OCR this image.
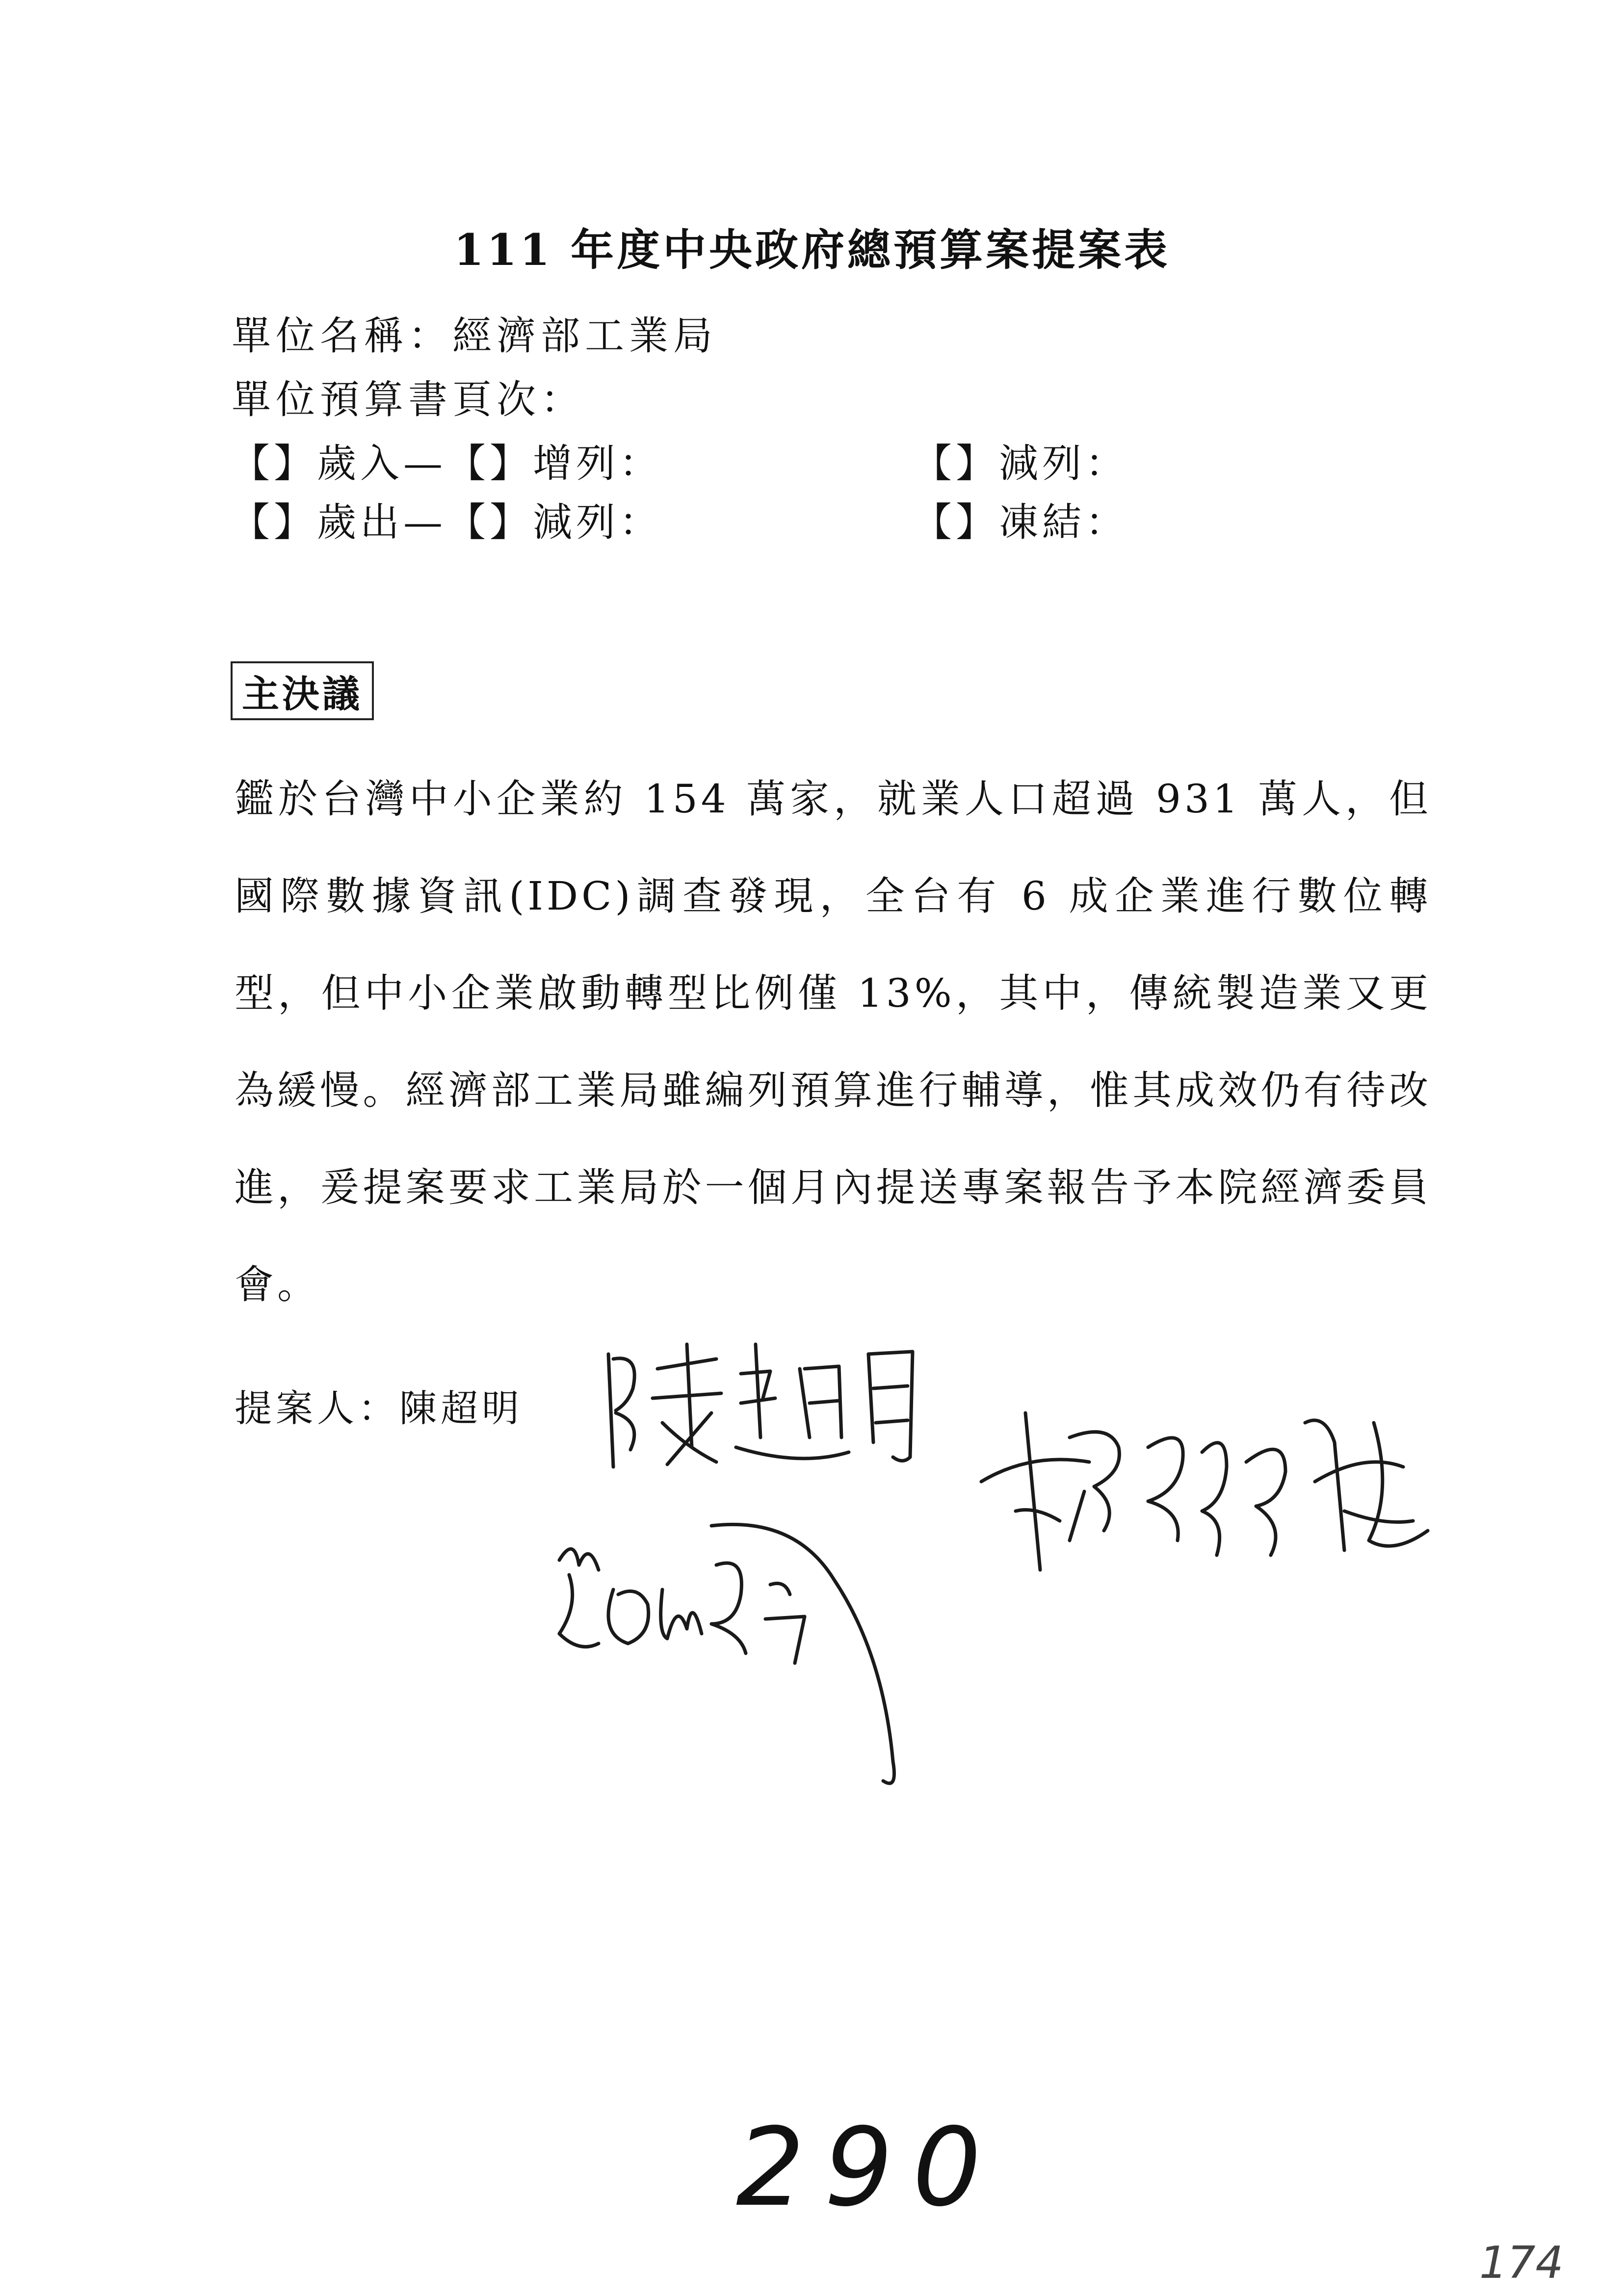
111 年度中央政府總預算案提案表
單位名稱：經濟部工業局
單位預算書頁次：
【】歲入—【】增列：	【】減列：
【】歲出—【】減列：	【】凍結：
主決議
鑑於台灣中小企業約 154 萬家，就業人口超過 931 萬人，但國際數據資訊(IDC)調查發現，全台有 6 成企業進行數位轉型，但中小企業啟動轉型比例僅 13%，其中，傳統製造業又更為緩慢。經濟部工業局雖編列預算進行輔導，惟其成效仍有待改進，爰提案要求工業局於一個月內提送專案報告予本院經濟委員會。
提案人：陳超明
290
174
